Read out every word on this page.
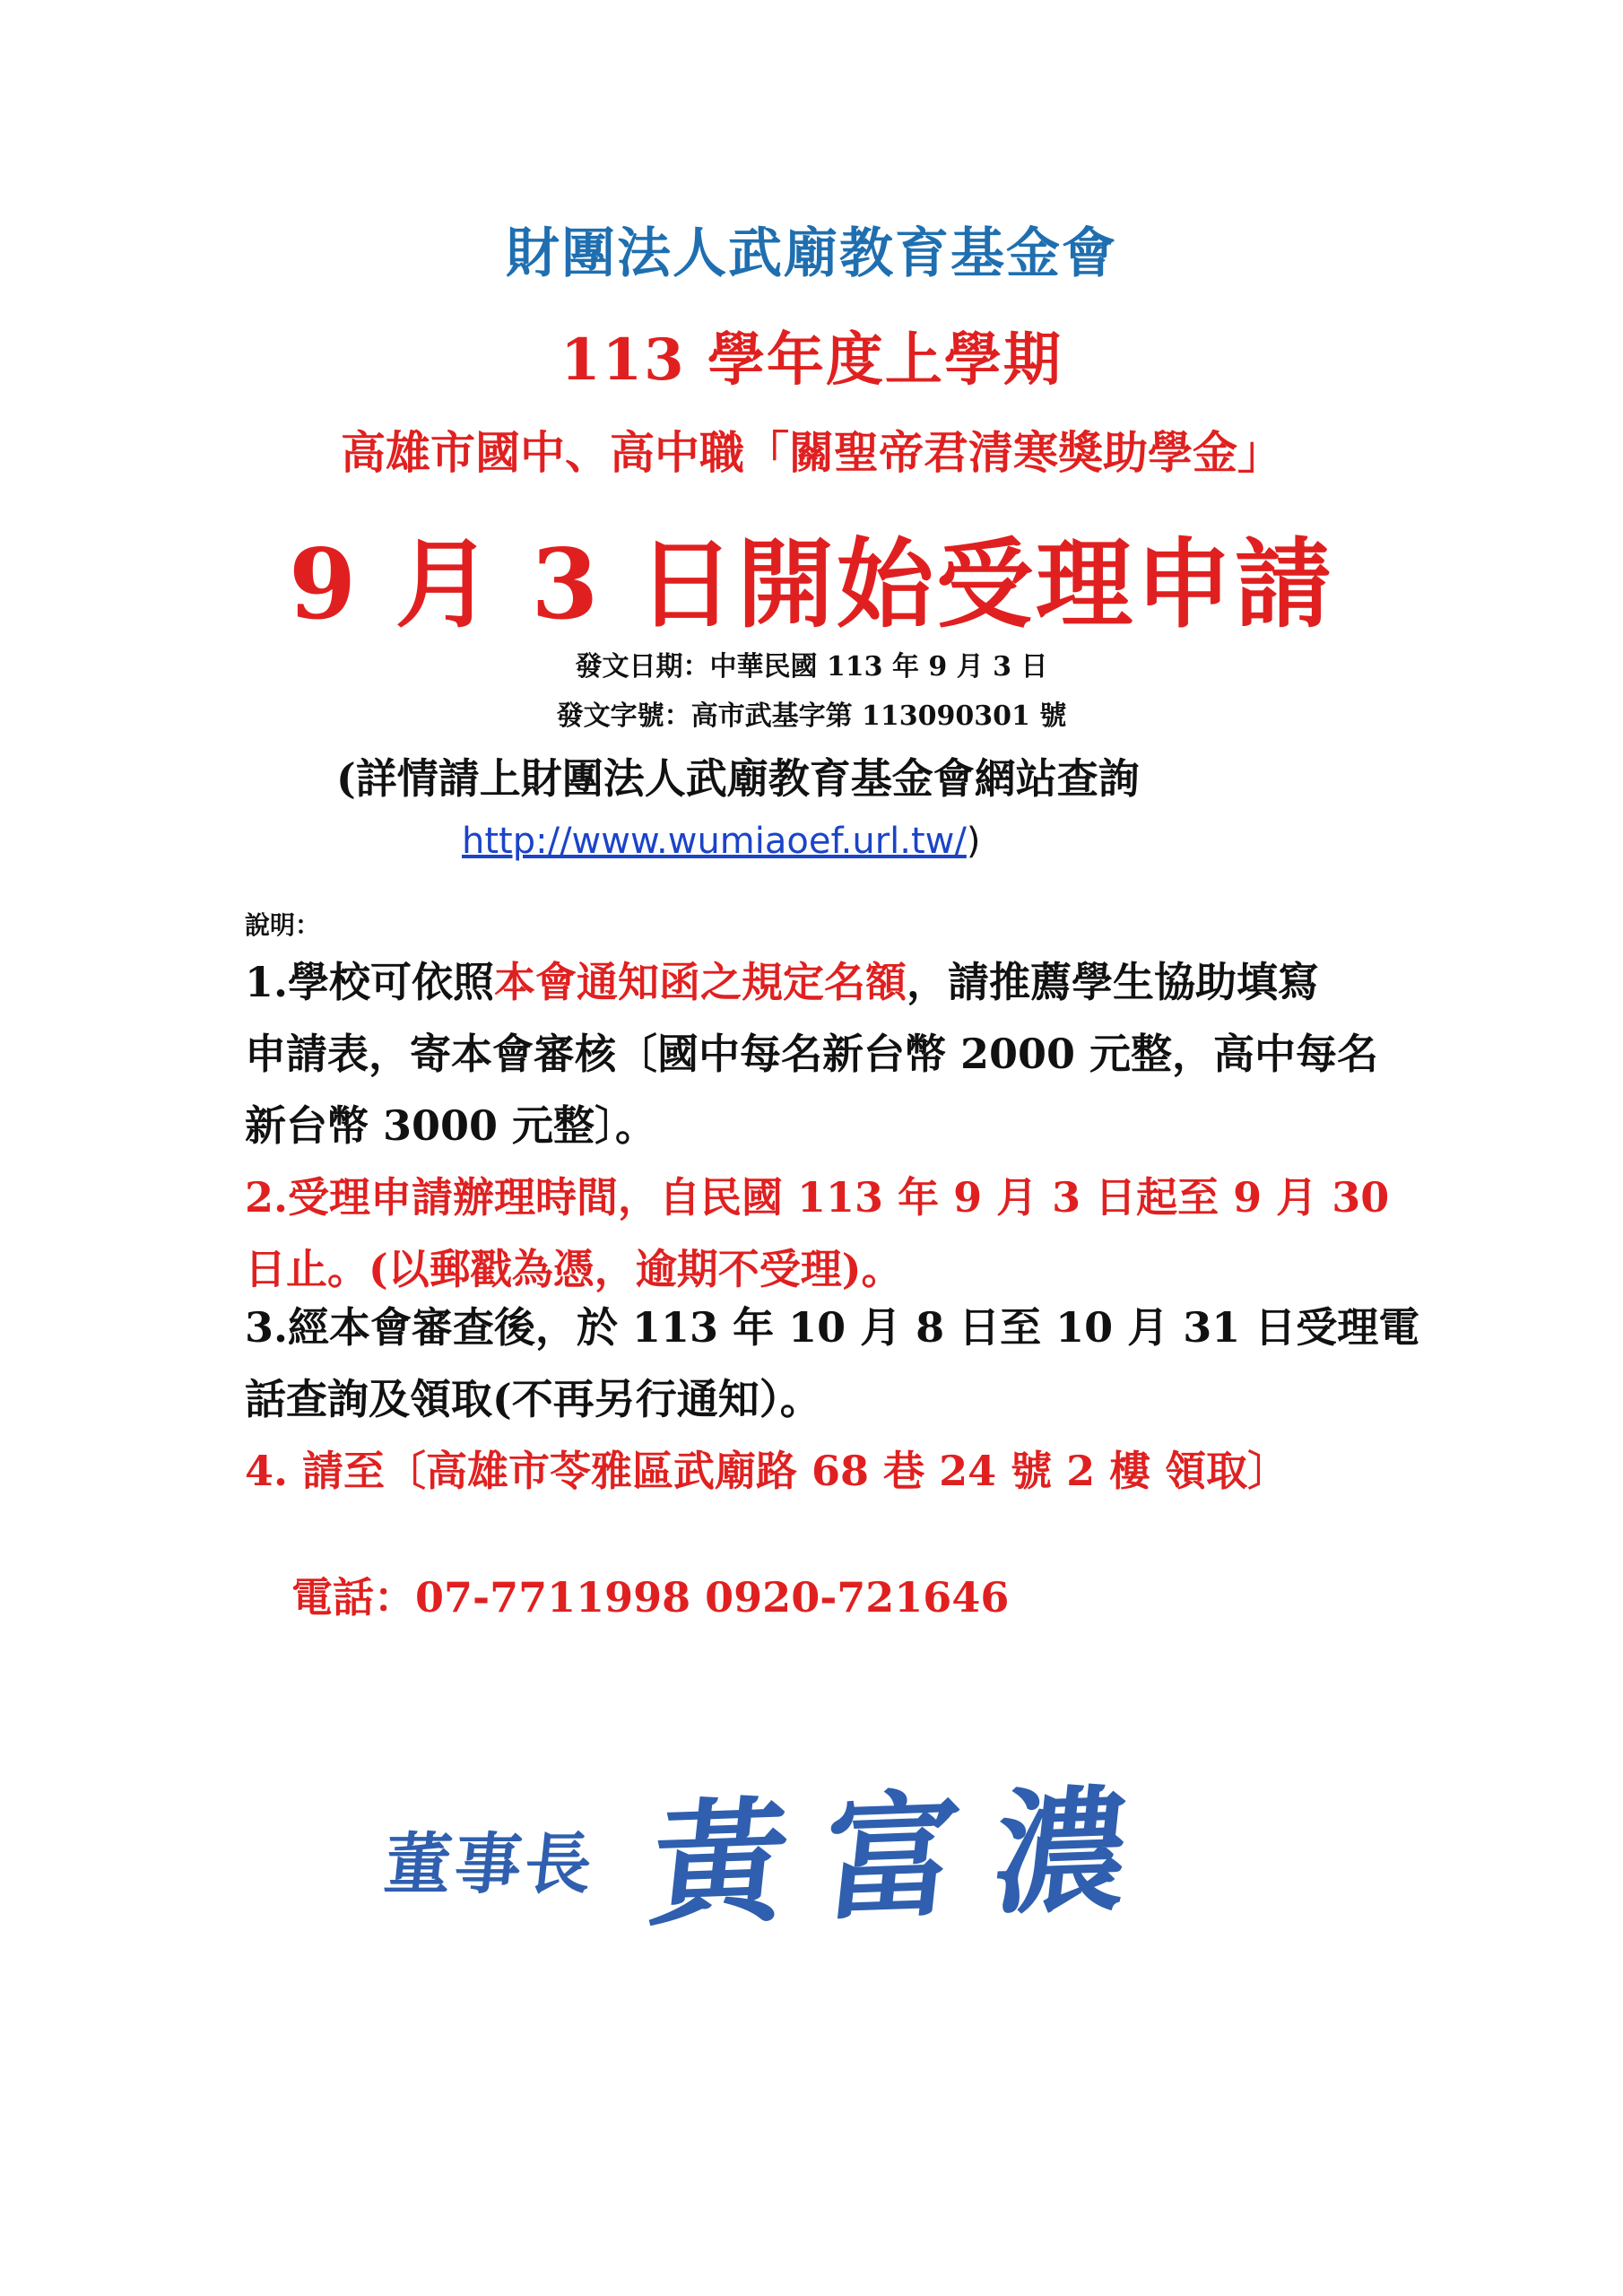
財團法人武廟教育基金會
113 學年度上學期
高雄市國中、高中職「關聖帝君清寒獎助學金」
9 月 3 日開始受理申請
發文日期：中華民國 113 年 9 月 3 日
發文字號：高市武基字第 113090301 號
(詳情請上財團法人武廟教育基金會網站查詢
http://www.wumiaoef.url.tw/)
說明：
1.學校可依照本會通知函之規定名額，請推薦學生協助填寫
申請表，寄本會審核〔國中每名新台幣 2000 元整，高中每名
新台幣 3000 元整〕。
2.受理申請辦理時間，自民國 113 年 9 月 3 日起至 9 月 30
日止。(以郵戳為憑，逾期不受理)。
3.經本會審查後，於 113 年 10 月 8 日至 10 月 31 日受理電
話查詢及領取(不再另行通知）。
4. 請至〔高雄市苓雅區武廟路 68 巷 24 號 2 樓 領取〕
電話：07-7711998 0920-721646
董事長 黃富濃
